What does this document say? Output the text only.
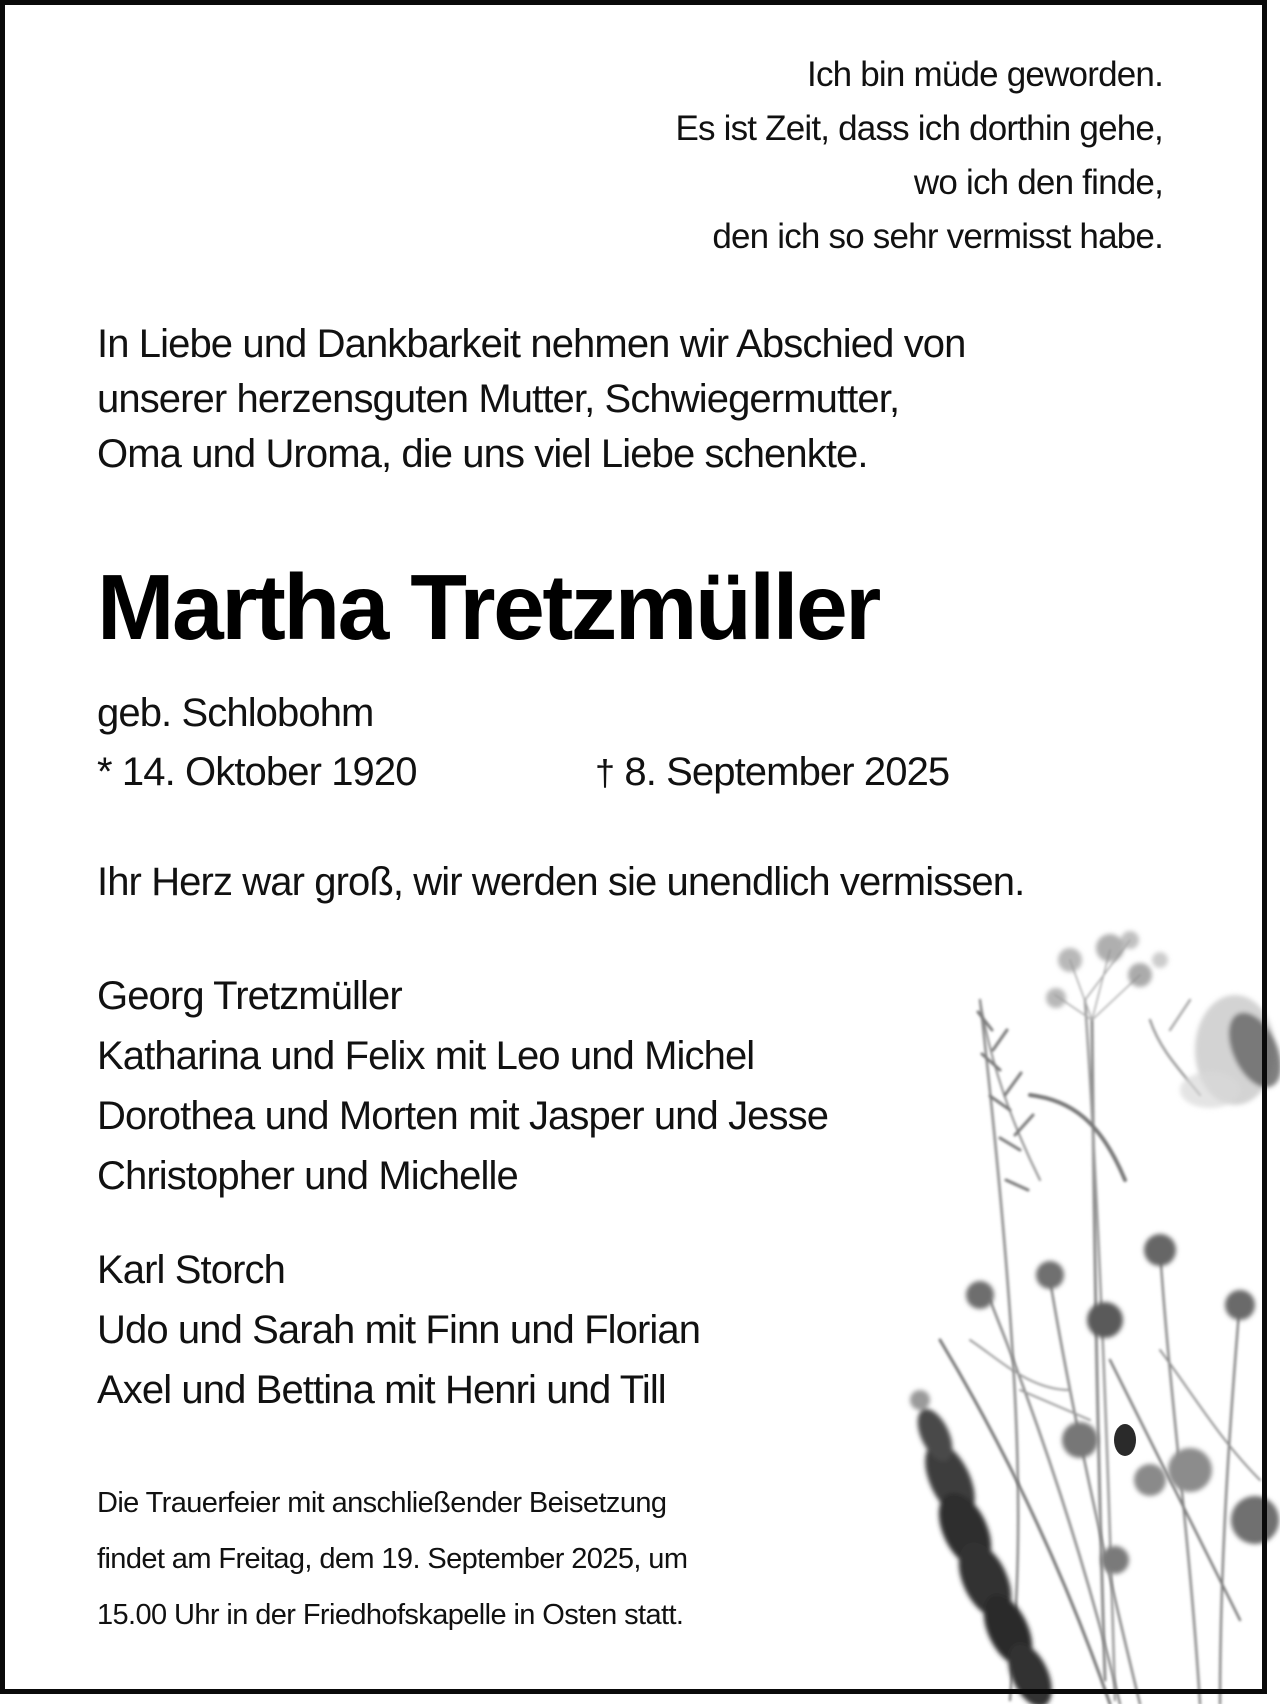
Ich bin müde geworden.
Es ist Zeit, dass ich dorthin gehe,
wo ich den finde,
den ich so sehr vermisst habe.
In Liebe und Dankbarkeit nehmen wir Abschied von
unserer herzensguten Mutter, Schwiegermutter,
Oma und Uroma, die uns viel Liebe schenkte.
Martha Tretzmüller
geb. Schlobohm
* 14. Oktober 1920	† 8. September 2025
Ihr Herz war groß, wir werden sie unendlich vermissen.
Georg Tretzmüller
Katharina und Felix mit Leo und Michel
Dorothea und Morten mit Jasper und Jesse
Christopher und Michelle
Karl Storch
Udo und Sarah mit Finn und Florian
Axel und Bettina mit Henri und Till
Die Trauerfeier mit anschließender Beisetzung
findet am Freitag, dem 19. September 2025, um
15.00 Uhr in der Friedhofskapelle in Osten statt.
